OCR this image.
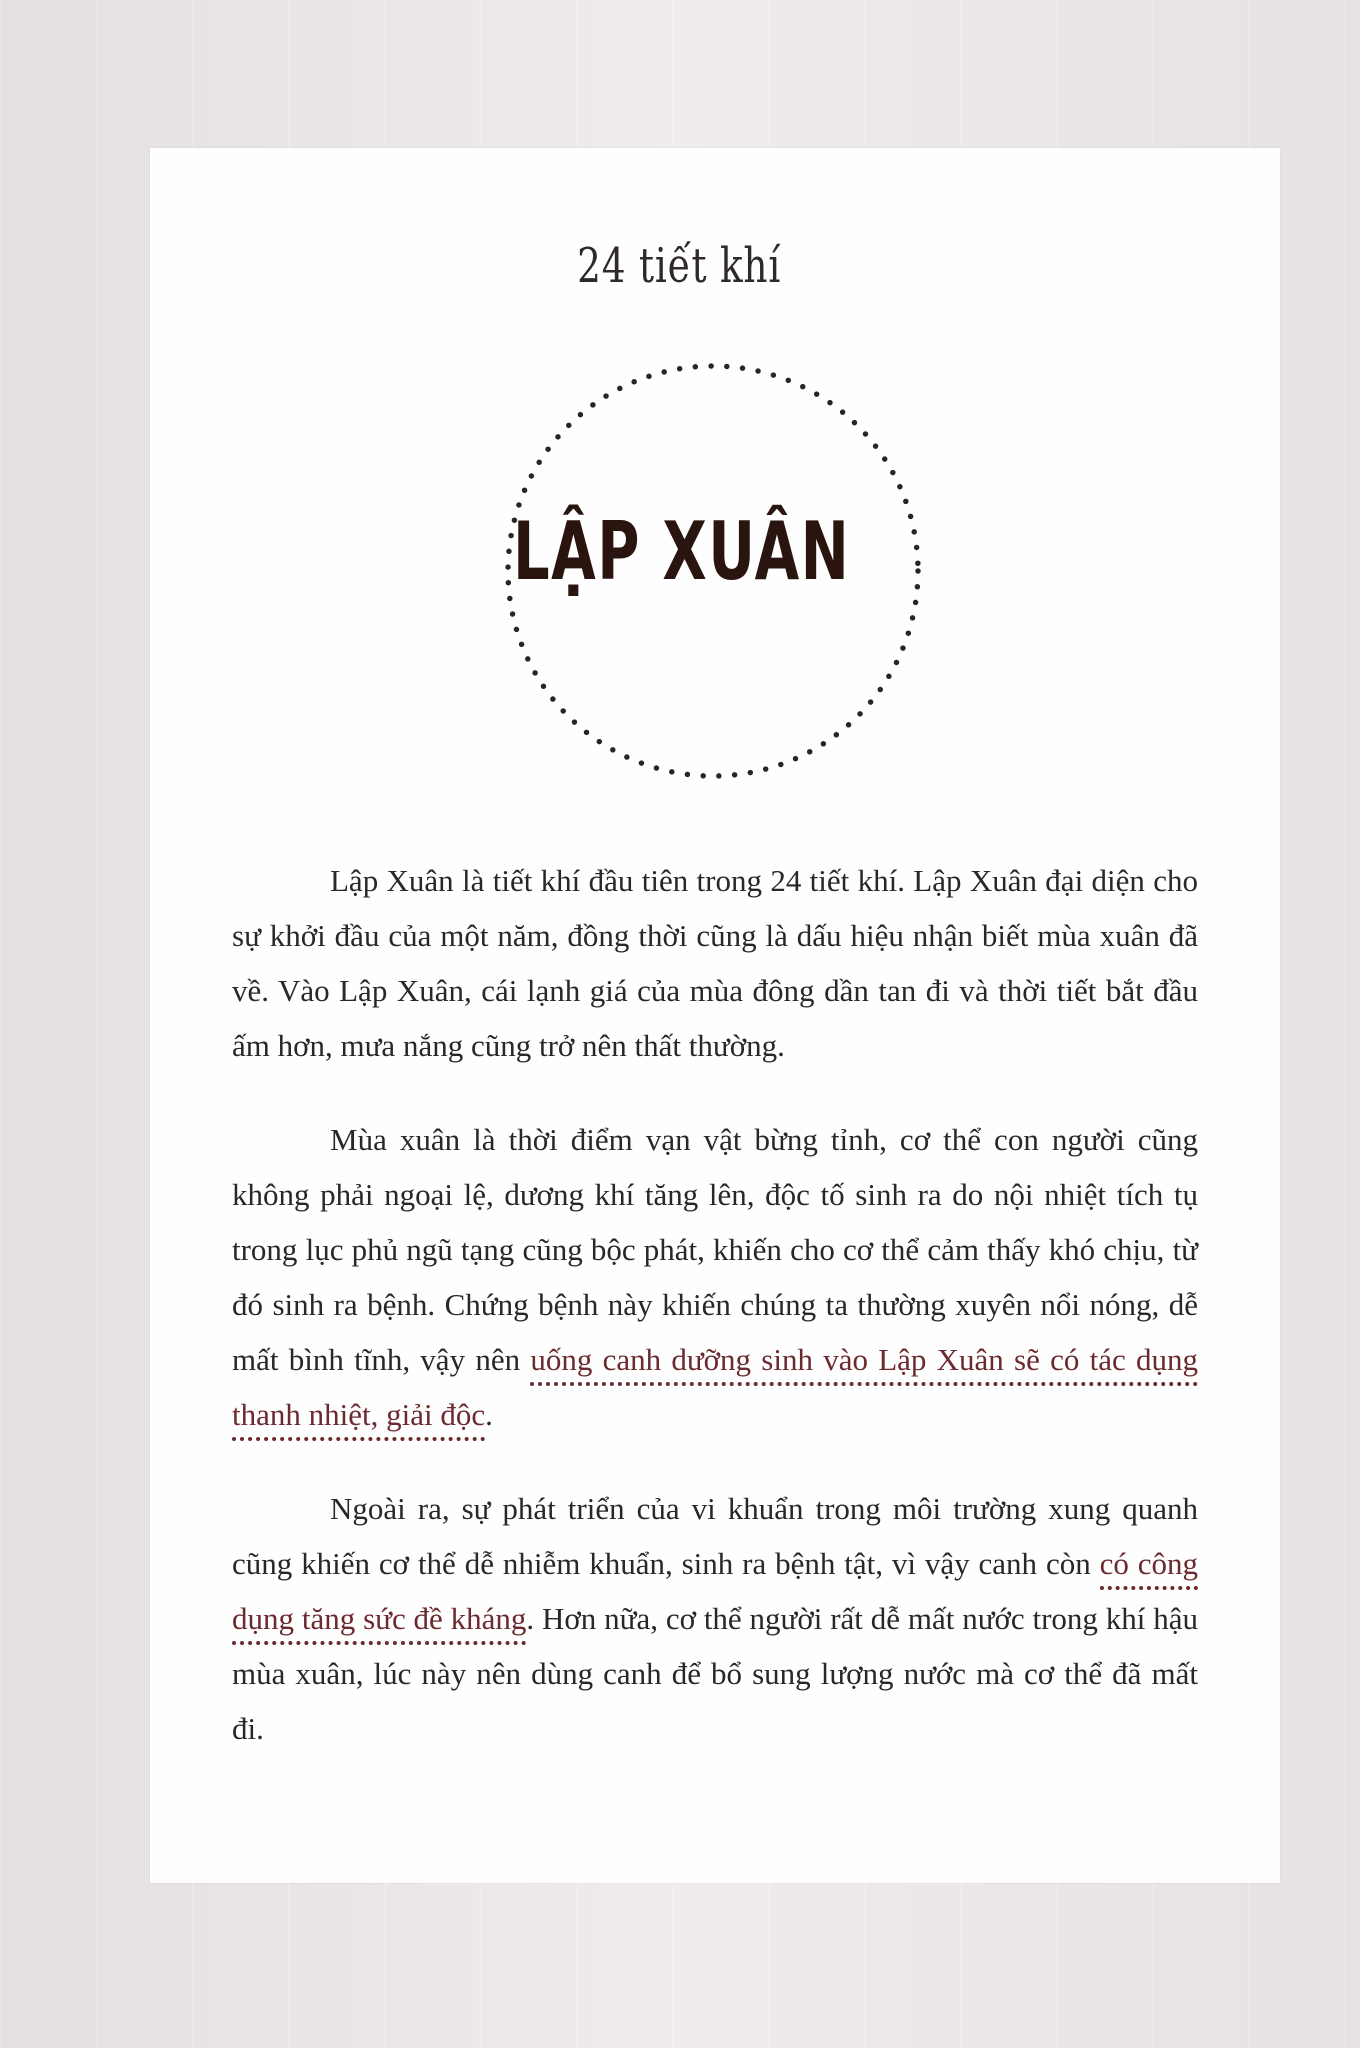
24 tiết khí
LẬP XUÂN

Lập Xuân là tiết khí đầu tiên trong 24 tiết khí. Lập Xuân đại diện cho sự khởi đầu của một năm, đồng thời cũng là dấu hiệu nhận biết mùa xuân đã về. Vào Lập Xuân, cái lạnh giá của mùa đông dần tan đi và thời tiết bắt đầu ấm hơn, mưa nắng cũng trở nên thất thường.

Mùa xuân là thời điểm vạn vật bừng tỉnh, cơ thể con người cũng không phải ngoại lệ, dương khí tăng lên, độc tố sinh ra do nội nhiệt tích tụ trong lục phủ ngũ tạng cũng bộc phát, khiến cho cơ thể cảm thấy khó chịu, từ đó sinh ra bệnh. Chứng bệnh này khiến chúng ta thường xuyên nổi nóng, dễ mất bình tĩnh, vậy nên uống canh dưỡng sinh vào Lập Xuân sẽ có tác dụng thanh nhiệt, giải độc.

Ngoài ra, sự phát triển của vi khuẩn trong môi trường xung quanh cũng khiến cơ thể dễ nhiễm khuẩn, sinh ra bệnh tật, vì vậy canh còn có công dụng tăng sức đề kháng. Hơn nữa, cơ thể người rất dễ mất nước trong khí hậu mùa xuân, lúc này nên dùng canh để bổ sung lượng nước mà cơ thể đã mất đi.
